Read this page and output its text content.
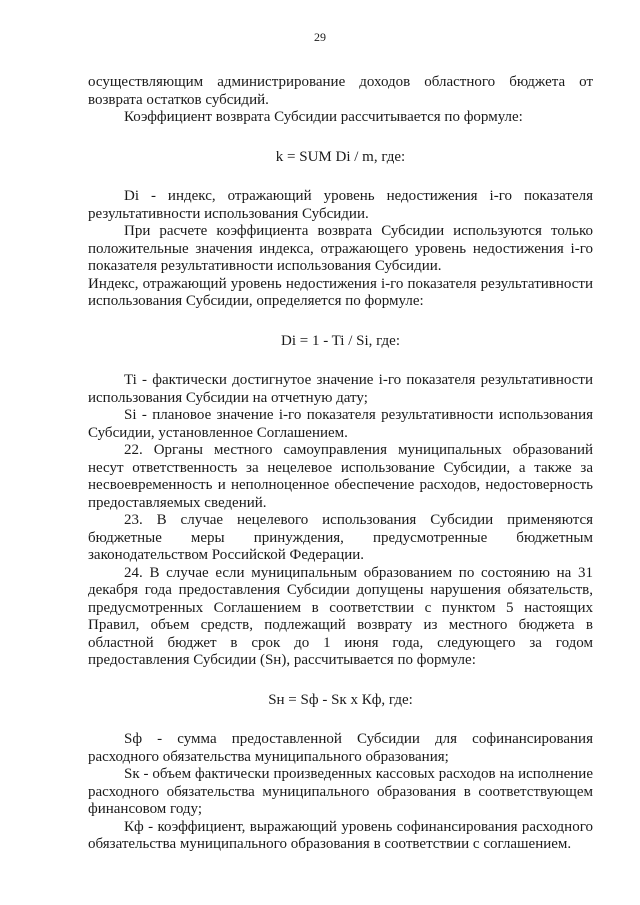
29

осуществляющим администрирование доходов областного бюджета от возврата остатков субсидий.

Коэффициент возврата Субсидии рассчитывается по формуле:

k = SUM Di / m, где:

Di - индекс, отражающий уровень недостижения i-го показателя результативности использования Субсидии.

При расчете коэффициента возврата Субсидии используются только положительные значения индекса, отражающего уровень недостижения i-го показателя результативности использования Субсидии.

Индекс, отражающий уровень недостижения i-го показателя результативности использования Субсидии, определяется по формуле:

Di = 1 - Ti / Si, где:

Ti - фактически достигнутое значение i-го показателя результативности использования Субсидии на отчетную дату;

Si - плановое значение i-го показателя результативности использования Субсидии, установленное Соглашением.

22. Органы местного самоуправления муниципальных образований несут ответственность за нецелевое использование Субсидии, а также за несвоевременность и неполноценное обеспечение расходов, недостоверность предоставляемых сведений.

23. В случае нецелевого использования Субсидии применяются бюджетные меры принуждения, предусмотренные бюджетным законодательством Российской Федерации.

24. В случае если муниципальным образованием по состоянию на 31 декабря года предоставления Субсидии допущены нарушения обязательств, предусмотренных Соглашением в соответствии с пунктом 5 настоящих Правил, объем средств, подлежащий возврату из местного бюджета в областной бюджет в срок до 1 июня года, следующего за годом предоставления Субсидии (Sн), рассчитывается по формуле:

Sн = Sф - Sк x Кф, где:

Sф - сумма предоставленной Субсидии для софинансирования расходного обязательства муниципального образования;

Sк - объем фактически произведенных кассовых расходов на исполнение расходного обязательства муниципального образования в соответствующем финансовом году;

Кф - коэффициент, выражающий уровень софинансирования расходного обязательства муниципального образования в соответствии с соглашением.
